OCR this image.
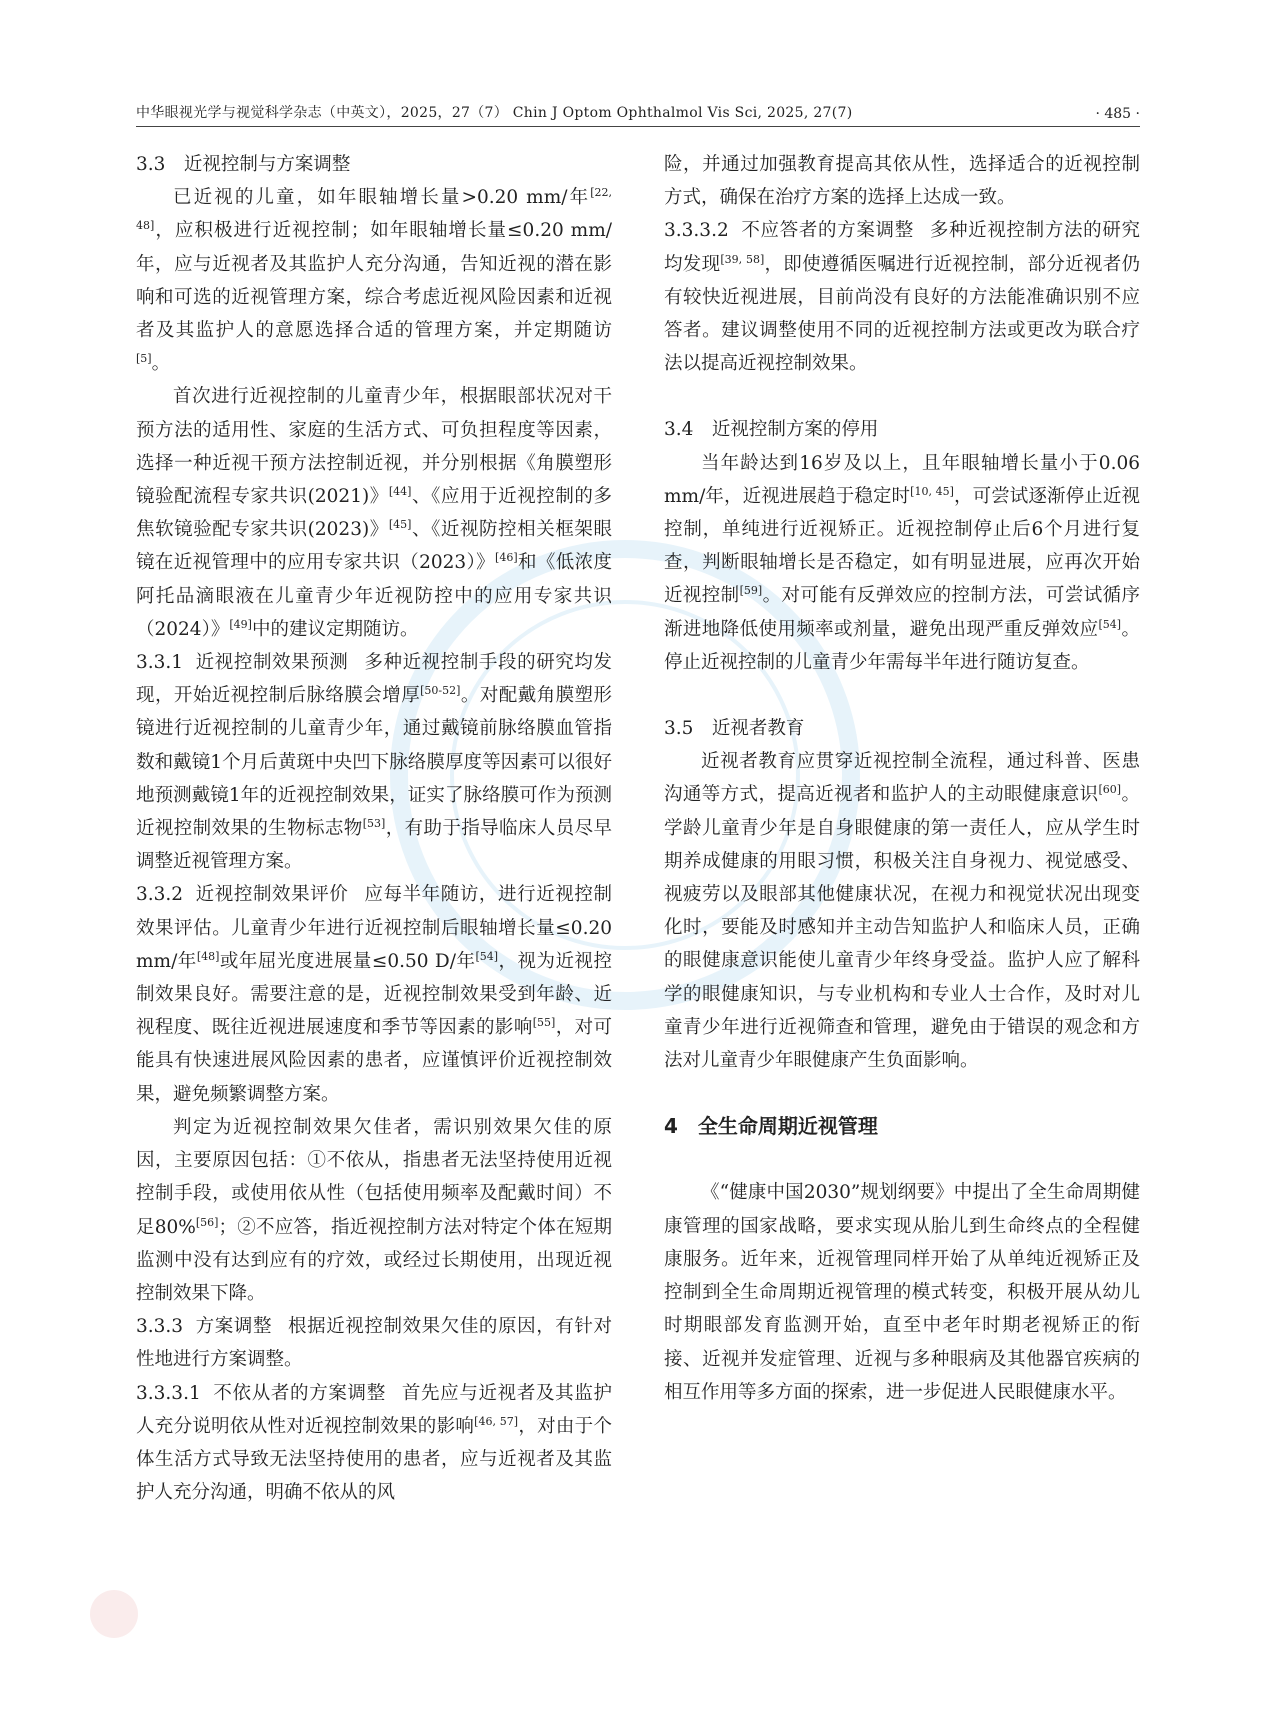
中华眼视光学与视觉科学杂志（中英文），2025，27（7） Chin J Optom Ophthalmol Vis Sci, 2025, 27(7)	· 485 ·

3.3　近视控制与方案调整

已近视的儿童，如年眼轴增长量>0.20 mm/年[22, 48]，应积极进行近视控制；如年眼轴增长量≤0.20 mm/年，应与近视者及其监护人充分沟通，告知近视的潜在影响和可选的近视管理方案，综合考虑近视风险因素和近视者及其监护人的意愿选择合适的管理方案，并定期随访[5]。

首次进行近视控制的儿童青少年，根据眼部状况对干预方法的适用性、家庭的生活方式、可负担程度等因素，选择一种近视干预方法控制近视，并分别根据《角膜塑形镜验配流程专家共识(2021)》[44]、《应用于近视控制的多焦软镜验配专家共识(2023)》[45]、《近视防控相关框架眼镜在近视管理中的应用专家共识（2023）》[46]和《低浓度阿托品滴眼液在儿童青少年近视防控中的应用专家共识（2024）》[49]中的建议定期随访。

3.3.1 近视控制效果预测 多种近视控制手段的研究均发现，开始近视控制后脉络膜会增厚[50-52]。对配戴角膜塑形镜进行近视控制的儿童青少年，通过戴镜前脉络膜血管指数和戴镜1个月后黄斑中央凹下脉络膜厚度等因素可以很好地预测戴镜1年的近视控制效果，证实了脉络膜可作为预测近视控制效果的生物标志物[53]，有助于指导临床人员尽早调整近视管理方案。

3.3.2 近视控制效果评价 应每半年随访，进行近视控制效果评估。儿童青少年进行近视控制后眼轴增长量≤0.20 mm/年[48]或年屈光度进展量≤0.50 D/年[54]，视为近视控制效果良好。需要注意的是，近视控制效果受到年龄、近视程度、既往近视进展速度和季节等因素的影响[55]，对可能具有快速进展风险因素的患者，应谨慎评价近视控制效果，避免频繁调整方案。

判定为近视控制效果欠佳者，需识别效果欠佳的原因，主要原因包括：①不依从，指患者无法坚持使用近视控制手段，或使用依从性（包括使用频率及配戴时间）不足80%[56]；②不应答，指近视控制方法对特定个体在短期监测中没有达到应有的疗效，或经过长期使用，出现近视控制效果下降。

3.3.3 方案调整 根据近视控制效果欠佳的原因，有针对性地进行方案调整。

3.3.3.1 不依从者的方案调整 首先应与近视者及其监护人充分说明依从性对近视控制效果的影响[46, 57]，对由于个体生活方式导致无法坚持使用的患者，应与近视者及其监护人充分沟通，明确不依从的风

险，并通过加强教育提高其依从性，选择适合的近视控制方式，确保在治疗方案的选择上达成一致。

3.3.3.2 不应答者的方案调整 多种近视控制方法的研究均发现[39, 58]，即使遵循医嘱进行近视控制，部分近视者仍有较快近视进展，目前尚没有良好的方法能准确识别不应答者。建议调整使用不同的近视控制方法或更改为联合疗法以提高近视控制效果。

3.4　近视控制方案的停用

当年龄达到16岁及以上，且年眼轴增长量小于0.06 mm/年，近视进展趋于稳定时[10, 45]，可尝试逐渐停止近视控制，单纯进行近视矫正。近视控制停止后6个月进行复查，判断眼轴增长是否稳定，如有明显进展，应再次开始近视控制[59]。对可能有反弹效应的控制方法，可尝试循序渐进地降低使用频率或剂量，避免出现严重反弹效应[54]。停止近视控制的儿童青少年需每半年进行随访复查。

3.5　近视者教育

近视者教育应贯穿近视控制全流程，通过科普、医患沟通等方式，提高近视者和监护人的主动眼健康意识[60]。学龄儿童青少年是自身眼健康的第一责任人，应从学生时期养成健康的用眼习惯，积极关注自身视力、视觉感受、视疲劳以及眼部其他健康状况，在视力和视觉状况出现变化时，要能及时感知并主动告知监护人和临床人员，正确的眼健康意识能使儿童青少年终身受益。监护人应了解科学的眼健康知识，与专业机构和专业人士合作，及时对儿童青少年进行近视筛查和管理，避免由于错误的观念和方法对儿童青少年眼健康产生负面影响。

4　全生命周期近视管理

《“健康中国2030”规划纲要》中提出了全生命周期健康管理的国家战略，要求实现从胎儿到生命终点的全程健康服务。近年来，近视管理同样开始了从单纯近视矫正及控制到全生命周期近视管理的模式转变，积极开展从幼儿时期眼部发育监测开始，直至中老年时期老视矫正的衔接、近视并发症管理、近视与多种眼病及其他器官疾病的相互作用等多方面的探索，进一步促进人民眼健康水平。
